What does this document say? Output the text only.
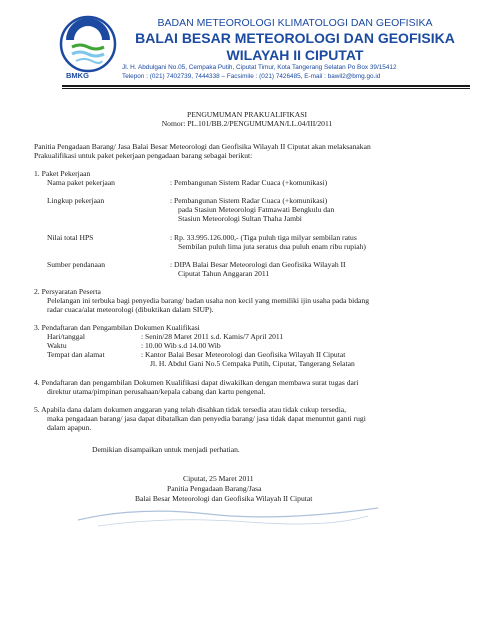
BMKG
BADAN METEOROLOGI KLIMATOLOGI DAN GEOFISIKA
BALAI BESAR METEOROLOGI DAN GEOFISIKA
WILAYAH II CIPUTAT
Jl. H. Abdulgani No.05, Cempaka Putih, Ciputat Timur, Kota Tangerang Selatan Po Box 39/15412
Telepon : (021) 7402739, 7444338 – Facsimile : (021) 7426485, E-mail : bawil2@bmg.go.id
PENGUMUMAN PRAKUALIFIKASI
Nomor: PL.101/BB.2/PENGUMUMAN/LL.04/III/2011
Panitia Pengadaan Barang/ Jasa Balai Besar Meteorologi dan Geofisika Wilayah II Ciputat akan melaksanakan
Prakualifikasi untuk paket pekerjaan pengadaan barang sebagai berikut:
1. Paket Pekerjaan
Nama paket pekerjaan	: Pembangunan Sistem Radar Cuaca (+komunikasi)
Lingkup pekerjaan	: Pembangunan Sistem Radar Cuaca (+komunikasi)
pada Stasiun Meteorologi Fatmawati Bengkulu dan
Stasiun Meteorologi Sultan Thaha Jambi
Nilai total HPS	: Rp. 33.995.126.000,- (Tiga puluh tiga milyar sembilan ratus
Sembilan puluh lima juta seratus dua puluh enam ribu rupiah)
Sumber pendanaan	: DIPA Balai Besar Meteorologi dan Geofisika Wilayah II
Ciputat Tahun Anggaran 2011
2. Persyaratan Peserta
Pelelangan ini terbuka bagi penyedia barang/ badan usaha non kecil yang memiliki ijin usaha pada bidang
radar cuaca/alat meteorologi (dibuktikan dalam SIUP).
3. Pendaftaran dan Pengambilan Dokumen Kualifikasi
Hari/tanggal	: Senin/28 Maret 2011 s.d. Kamis/7 April 2011
Waktu	: 10.00 Wib s.d 14.00 Wib
Tempat dan alamat	: Kantor Balai Besar Meteorologi dan Geofisika Wilayah II Ciputat
Jl. H. Abdul Gani No.5 Cempaka Putih, Ciputat, Tangerang Selatan
4. Pendaftaran dan pengambilan Dokumen Kualifikasi dapat diwakilkan dengan membawa surat tugas dari
direktur utama/pimpinan perusahaan/kepala cabang dan kartu pengenal.
5. Apabila dana dalam dokumen anggaran yang telah disahkan tidak tersedia atau tidak cukup tersedia,
maka pengadaan barang/ jasa dapat dibatalkan dan penyedia barang/ jasa tidak dapat menuntut ganti rugi
dalam apapun.
Demikian disampaikan untuk menjadi perhatian.
Ciputat, 25 Maret 2011
Panitia Pengadaan Barang/Jasa
Balai Besar Meteorologi dan Geofisika Wilayah II Ciputat
